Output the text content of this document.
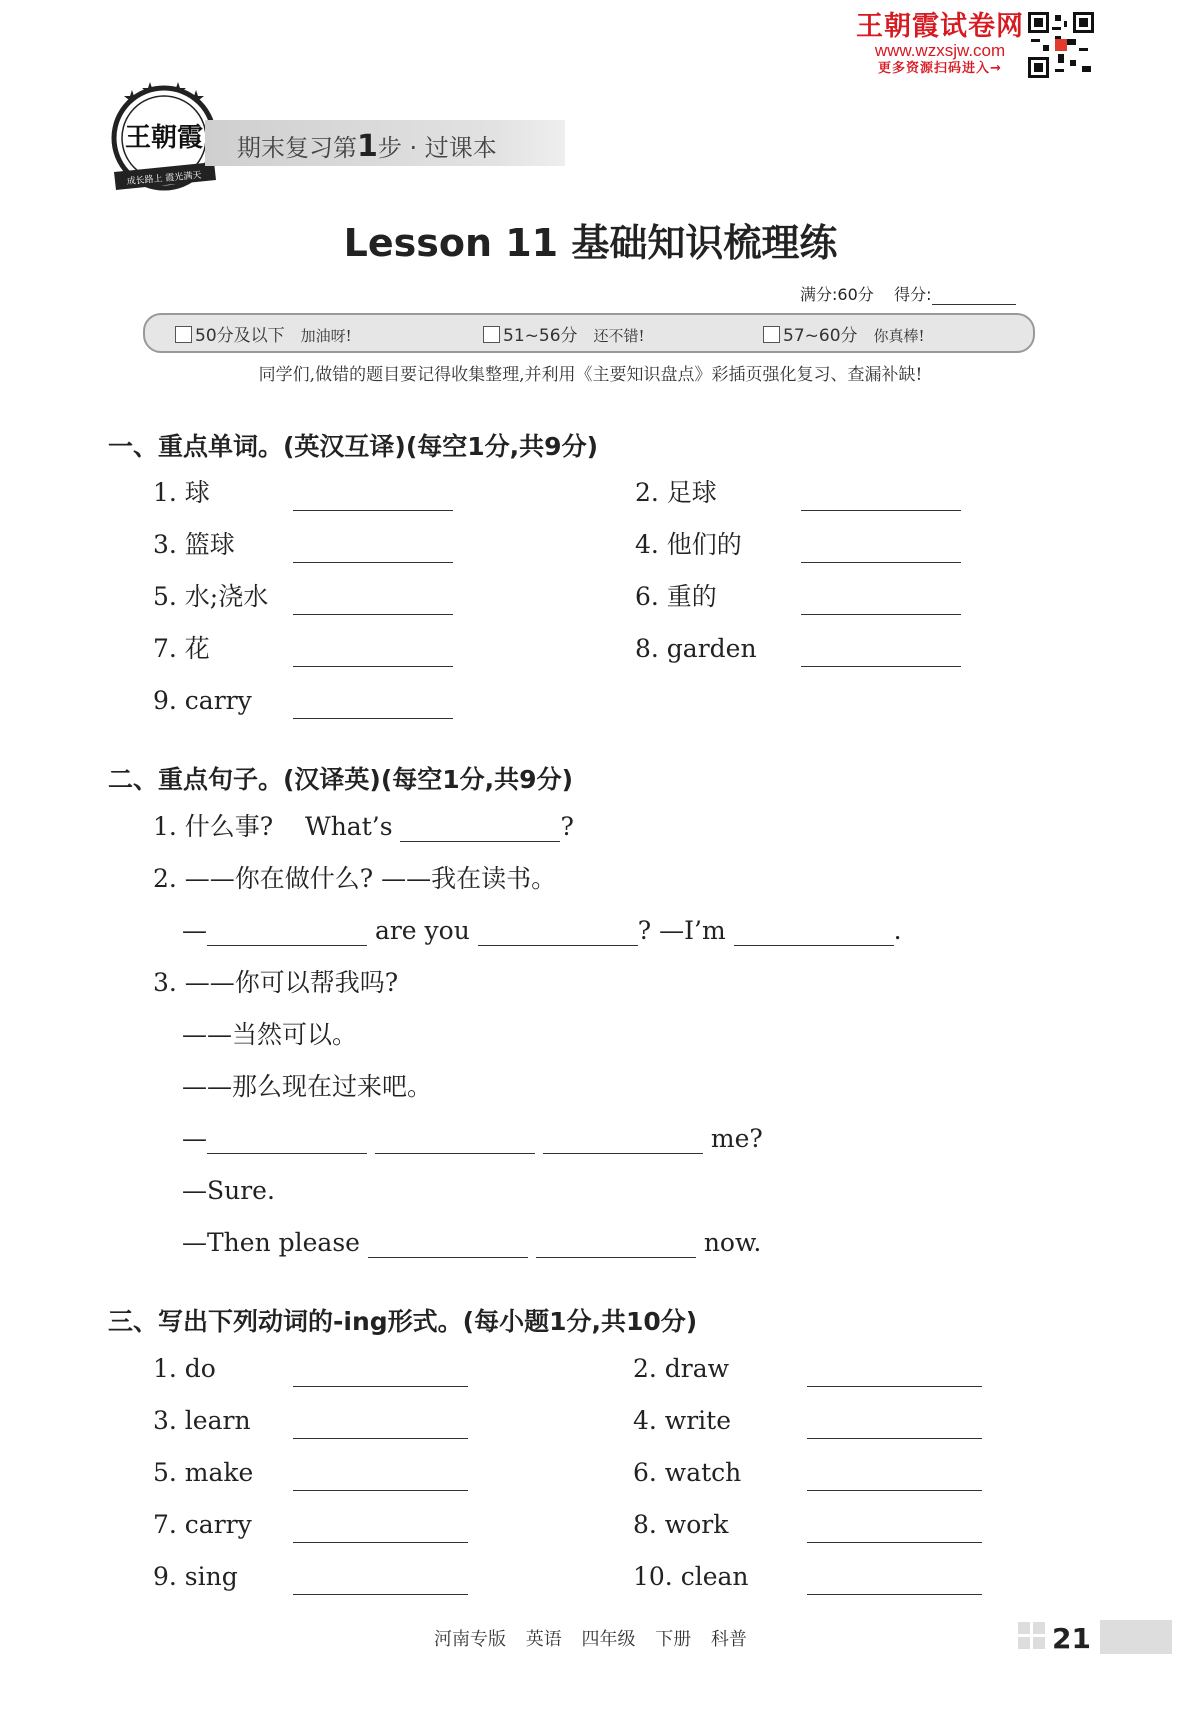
王朝霞试卷网
www.wzxsjw.com
更多资源扫码进入→
王朝霞
成长路上 霞光满天
期末复习第1步 · 过课本
Lesson 11 基础知识梳理练
满分:60分 得分:
50分及以下 加油呀!	51~56分 还不错!	57~60分 你真棒!
同学们,做错的题目要记得收集整理,并利用《主要知识盘点》彩插页强化复习、查漏补缺!
一、重点单词。(英汉互译)(每空1分,共9分)
1. 球	2. 足球
3. 篮球	4. 他们的
5. 水;浇水	6. 重的
7. 花	8. garden
9. carry
二、重点句子。(汉译英)(每空1分,共9分)
1. 什么事? What’s	?
2. ——你在做什么? ——我在读书。
—	are you	? —I’m	.
3. ——你可以帮我吗?
——当然可以。
——那么现在过来吧。
—	me?
—Sure.
—Then please	now.
三、写出下列动词的-ing形式。(每小题1分,共10分)
1. do	2. draw
3. learn	4. write
5. make	6. watch
7. carry	8. work
9. sing	10. clean
河南专版 英语 四年级 下册 科普	21
